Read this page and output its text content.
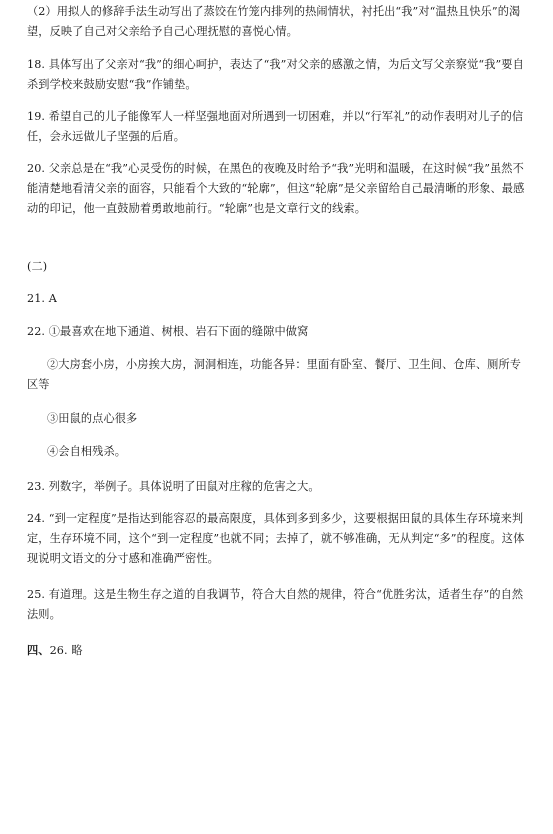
（2）用拟人的修辞手法生动写出了蒸饺在竹笼内排列的热闹情状，衬托出“我”对“温热且快乐”的渴望，反映了自己对父亲给予自己心理抚慰的喜悦心情。

18. 具体写出了父亲对“我”的细心呵护，表达了“我”对父亲的感激之情，为后文写父亲察觉“我”要自杀到学校来鼓励安慰“我”作铺垫。

19. 希望自己的儿子能像军人一样坚强地面对所遇到一切困难，并以“行军礼”的动作表明对儿子的信任，会永远做儿子坚强的后盾。

20. 父亲总是在“我”心灵受伤的时候，在黑色的夜晚及时给予“我”光明和温暖，在这时候“我”虽然不能清楚地看清父亲的面容，只能看个大致的“轮廓”，但这“轮廓”是父亲留给自己最清晰的形象、最感动的印记，他一直鼓励着勇敢地前行。“轮廓”也是文章行文的线索。

(二)

21. A

22. ①最喜欢在地下通道、树根、岩石下面的缝隙中做窝

②大房套小房，小房挨大房，洞洞相连，功能各异：里面有卧室、餐厅、卫生间、仓库、厕所专区等

③田鼠的点心很多

④会自相残杀。

23. 列数字，举例子。具体说明了田鼠对庄稼的危害之大。

24. “到一定程度”是指达到能容忍的最高限度，具体到多到多少，这要根据田鼠的具体生存环境来判定，生存环境不同，这个“到一定程度”也就不同；去掉了，就不够准确，无从判定“多”的程度。这体现说明文语文的分寸感和准确严密性。

25. 有道理。这是生物生存之道的自我调节，符合大自然的规律，符合“优胜劣汰，适者生存”的自然法则。

四、26. 略
